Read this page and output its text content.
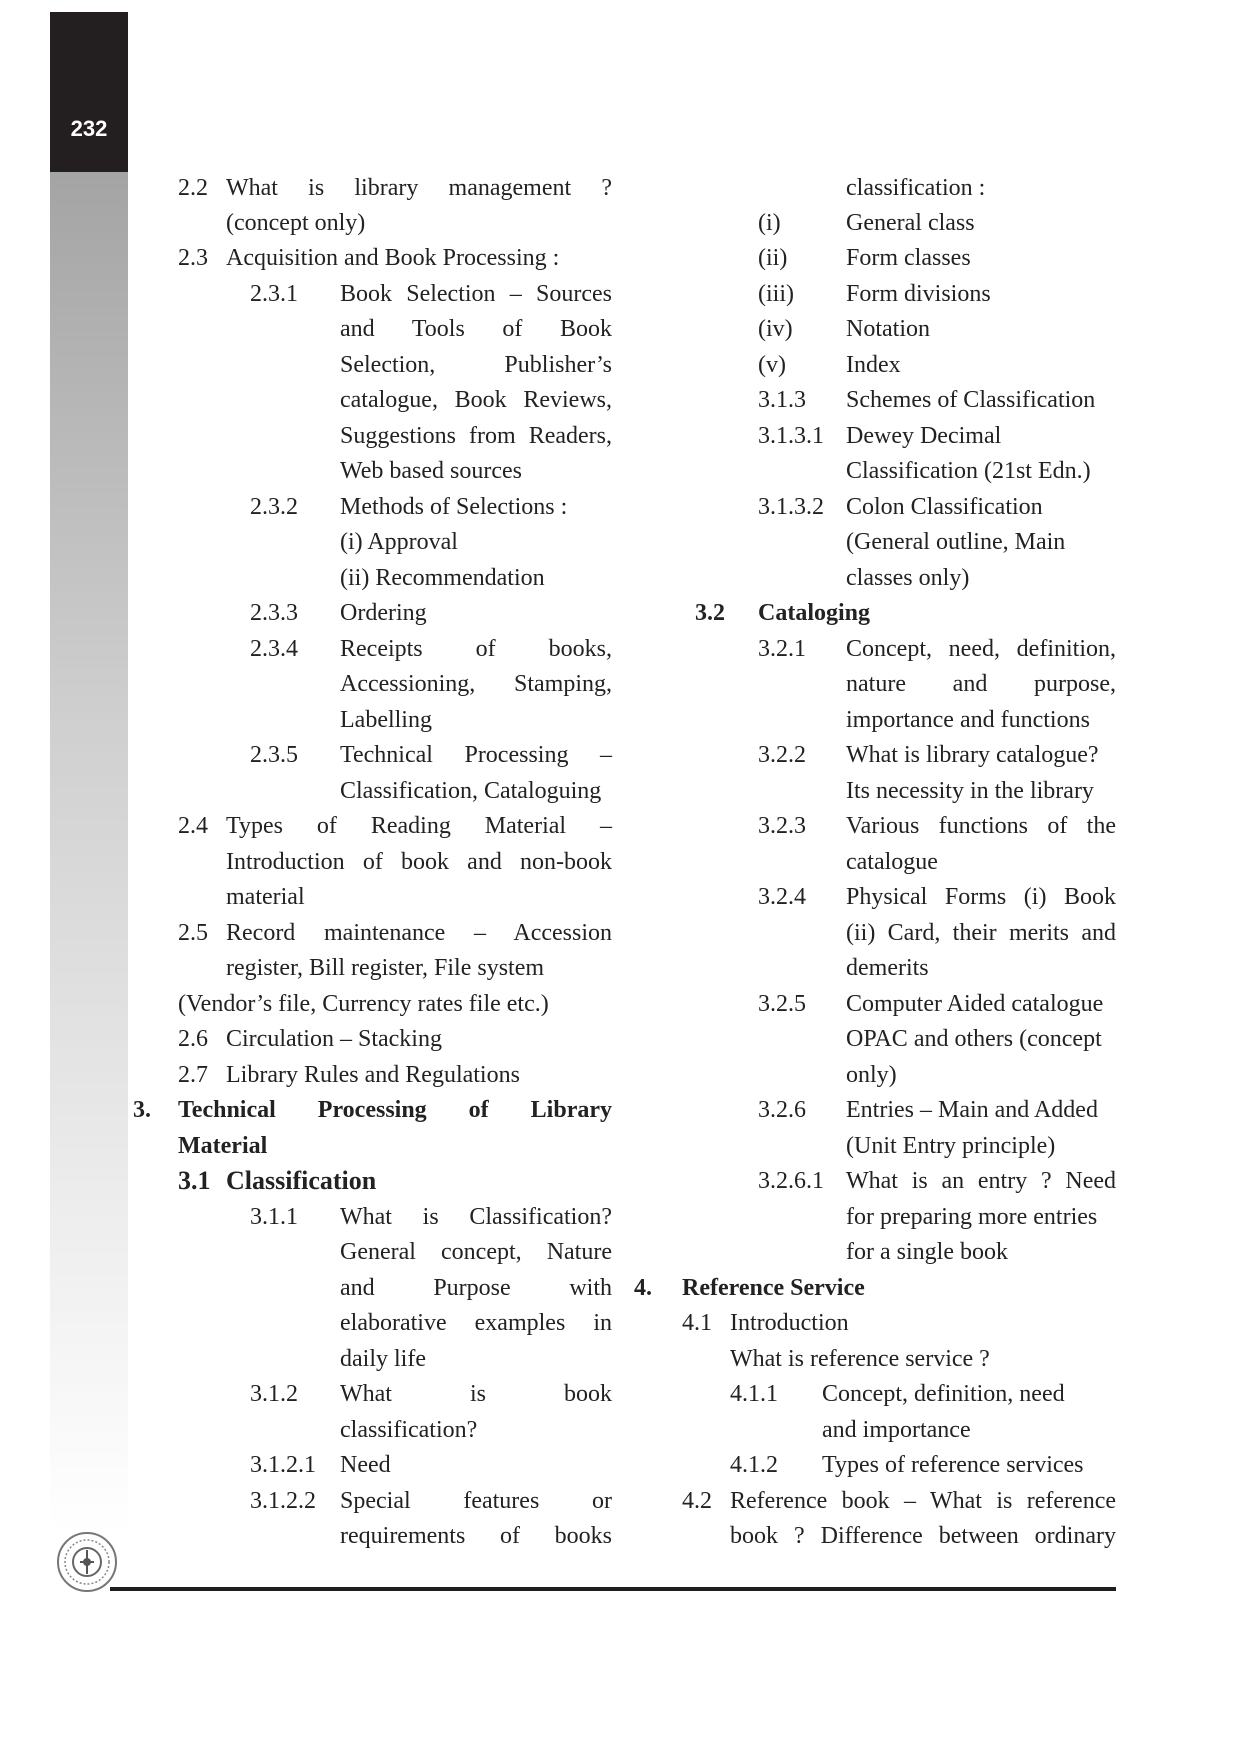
232
2.2 What is library management ?
(concept only)
2.3 Acquisition and Book Processing :
2.3.1 Book Selection – Sources
and Tools of Book
Selection, Publisher’s
catalogue, Book Reviews,
Suggestions from Readers,
Web based sources
2.3.2 Methods of Selections :
(i) Approval
(ii) Recommendation
2.3.3 Ordering
2.3.4 Receipts of books,
Accessioning, Stamping,
Labelling
2.3.5 Technical Processing –
Classification, Cataloguing
2.4 Types of Reading Material –
Introduction of book and non-book
material
2.5 Record maintenance – Accession
register, Bill register, File system
(Vendor’s file, Currency rates file etc.)
2.6 Circulation – Stacking
2.7 Library Rules and Regulations
3. Technical Processing of Library
Material
3.1 Classification
3.1.1 What is Classification?
General concept, Nature
and Purpose with
elaborative examples in
daily life
3.1.2 What is book
classification?
3.1.2.1 Need
3.1.2.2 Special features or
requirements of books
classification :
(i)	General class
(ii) Form classes
(iii) Form divisions
(iv) Notation
(v)	Index
3.1.3 Schemes of Classification
3.1.3.1 Dewey Decimal
Classification (21st Edn.)
3.1.3.2 Colon Classification
(General outline, Main
classes only)
3.2 Cataloging
3.2.1 Concept, need, definition,
nature and purpose,
importance and functions
3.2.2 What is library catalogue?
Its necessity in the library
3.2.3 Various functions of the
catalogue
3.2.4 Physical Forms (i) Book
(ii) Card, their merits and
demerits
3.2.5 Computer Aided catalogue
OPAC and others (concept
only)
3.2.6 Entries – Main and Added
(Unit Entry principle)
3.2.6.1 What is an entry ? Need
for preparing more entries
for a single book
4. Reference Service
4.1 Introduction
What is reference service ?
4.1.1 Concept, definition, need
and importance
4.1.2 Types of reference services
4.2 Reference book – What is reference
book ? Difference between ordinary
